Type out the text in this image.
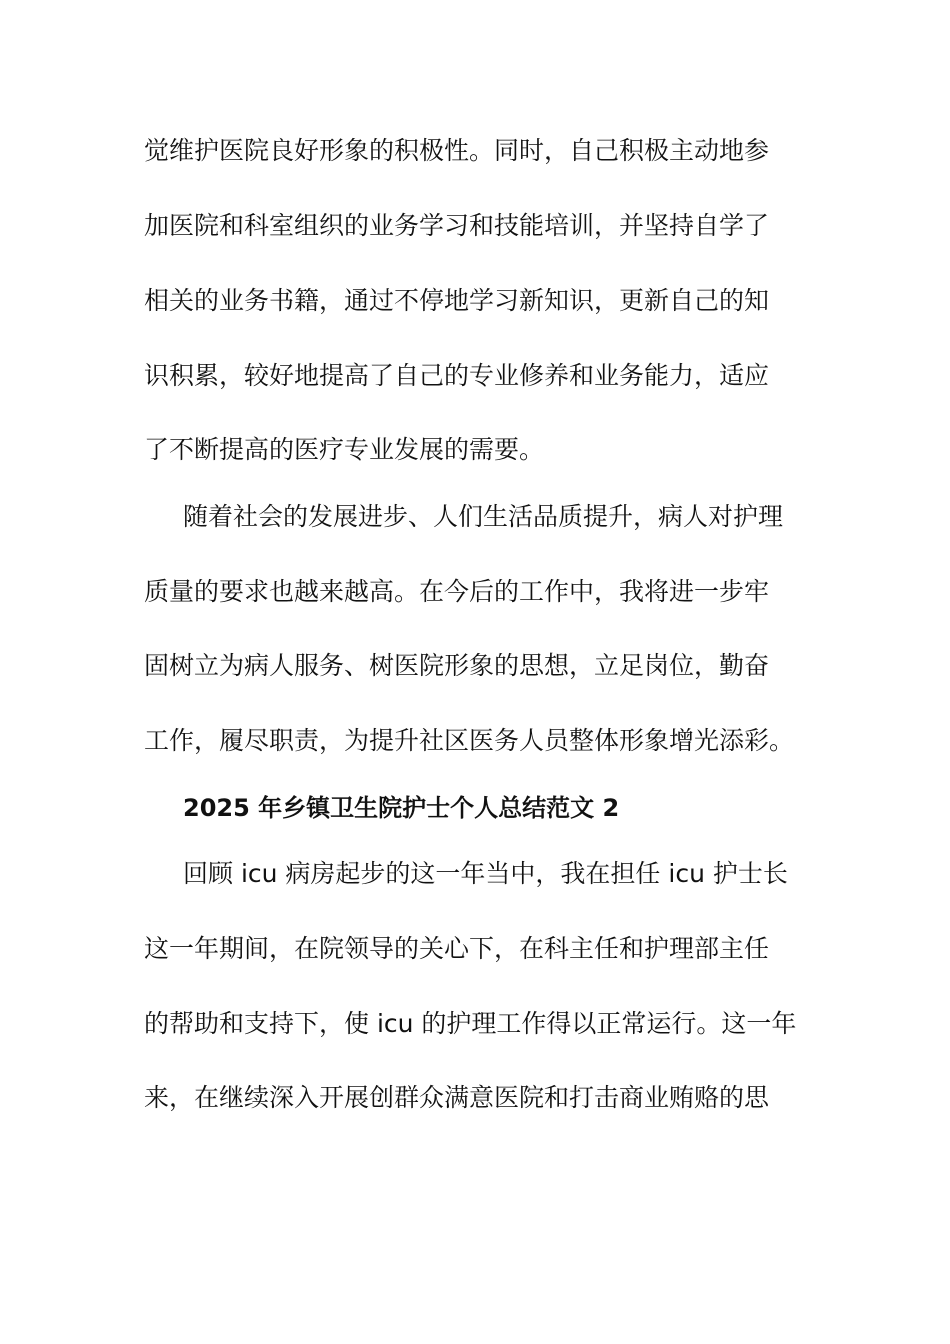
觉维护医院良好形象的积极性。同时，自己积极主动地参
加医院和科室组织的业务学习和技能培训，并坚持自学了
相关的业务书籍，通过不停地学习新知识，更新自己的知
识积累，较好地提高了自己的专业修养和业务能力，适应
了不断提高的医疗专业发展的需要。
随着社会的发展进步、人们生活品质提升，病人对护理
质量的要求也越来越高。在今后的工作中，我将进一步牢
固树立为病人服务、树医院形象的思想，立足岗位，勤奋
工作，履尽职责，为提升社区医务人员整体形象增光添彩。
2025 年乡镇卫生院护士个人总结范文 2
回顾 icu 病房起步的这一年当中，我在担任 icu 护士长
这一年期间，在院领导的关心下，在科主任和护理部主任
的帮助和支持下，使 icu 的护理工作得以正常运行。这一年
来，在继续深入开展创群众满意医院和打击商业贿赂的思
